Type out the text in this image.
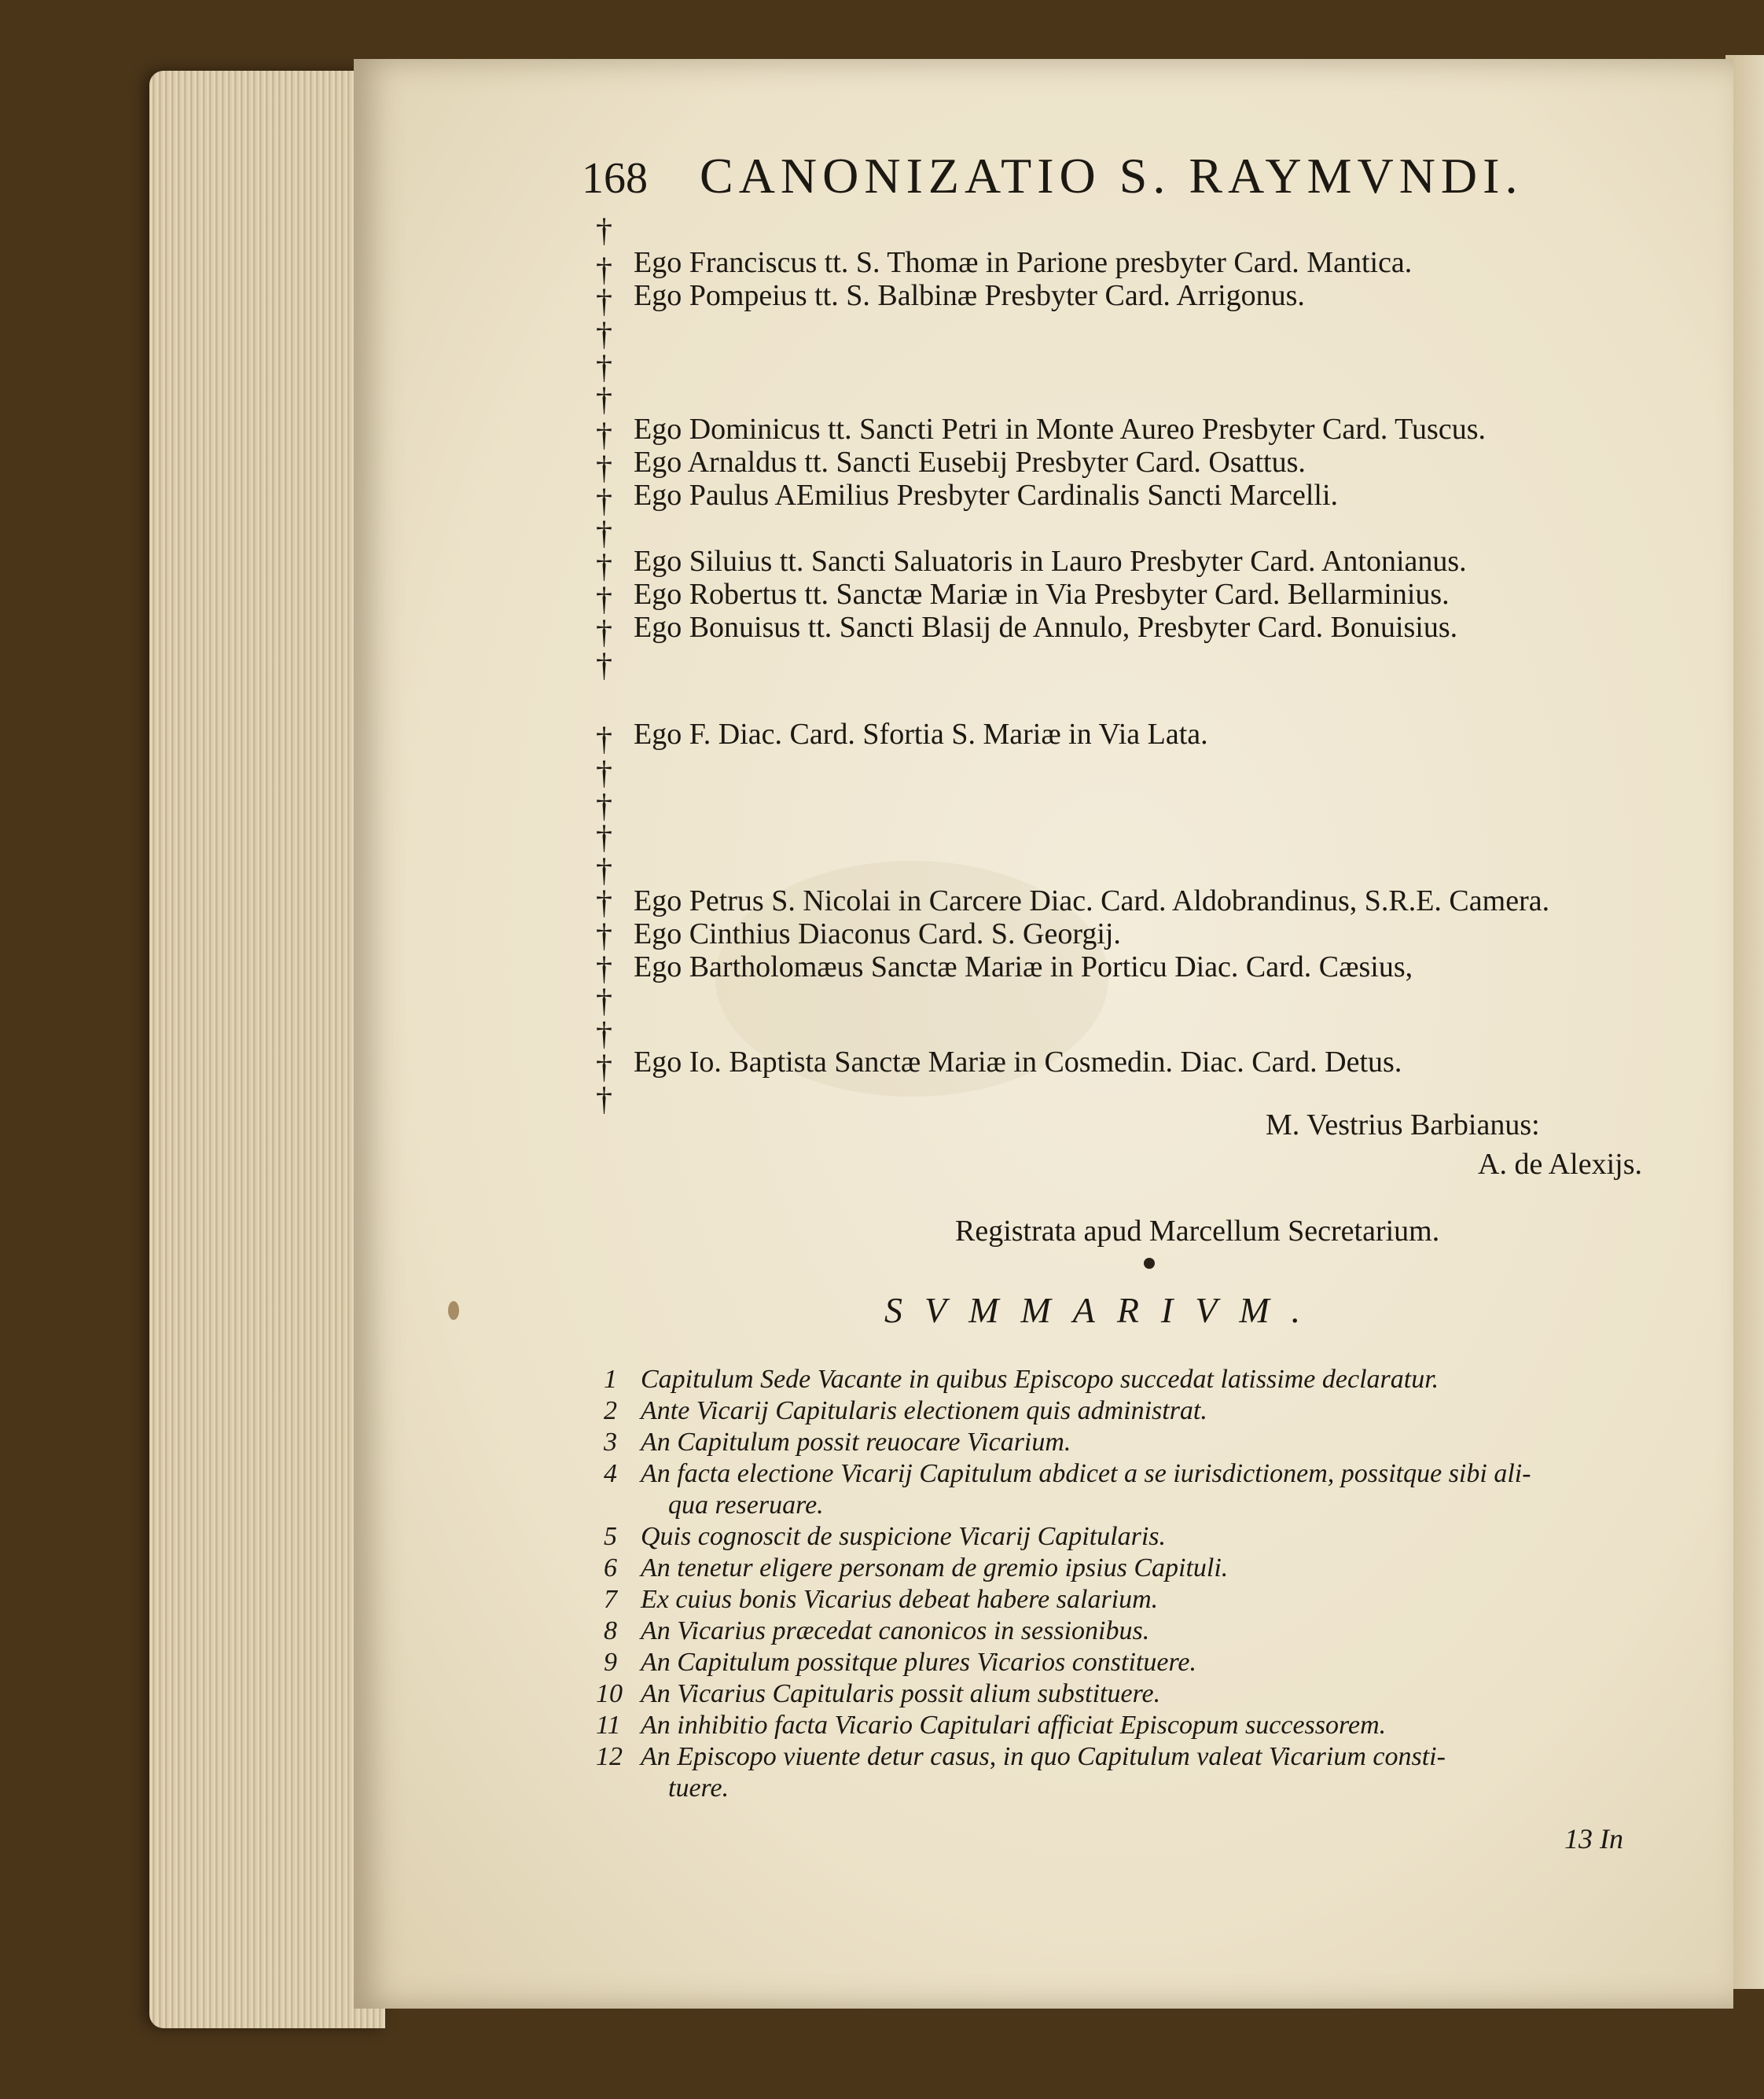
168 CANONIZATIO S. RAYMVNDI.
†
†
†
†
†
†
†
†
†
†
†
†
†
†
†
†
†
†
†
†
†
†
†
†
†
†
Ego Franciscus tt. S. Thomæ in Parione presbyter Card. Mantica.
Ego Pompeius tt. S. Balbinæ Presbyter Card. Arrigonus.
Ego Dominicus tt. Sancti Petri in Monte Aureo Presbyter Card. Tuscus.
Ego Arnaldus tt. Sancti Eusebij Presbyter Card. Osattus.
Ego Paulus AEmilius Presbyter Cardinalis Sancti Marcelli.
Ego Siluius tt. Sancti Saluatoris in Lauro Presbyter Card. Antonianus.
Ego Robertus tt. Sanctæ Mariæ in Via Presbyter Card. Bellarminius.
Ego Bonuisus tt. Sancti Blasij de Annulo, Presbyter Card. Bonuisius.
Ego F. Diac. Card. Sfortia S. Mariæ in Via Lata.
Ego Petrus S. Nicolai in Carcere Diac. Card. Aldobrandinus, S.R.E. Camera.
Ego Cinthius Diaconus Card. S. Georgij.
Ego Bartholomæus Sanctæ Mariæ in Porticu Diac. Card. Cæsius,
Ego Io. Baptista Sanctæ Mariæ in Cosmedin. Diac. Card. Detus.
M. Vestrius Barbianus:
A. de Alexijs.
Registrata apud Marcellum Secretarium.
SVMMARIVM.
1 Capitulum Sede Vacante in quibus Episcopo succedat latissime declaratur.
2 Ante Vicarij Capitularis electionem quis administrat.
3 An Capitulum possit reuocare Vicarium.
4 An facta electione Vicarij Capitulum abdicet a se iurisdictionem, possitque sibi ali-
qua reseruare.
5 Quis cognoscit de suspicione Vicarij Capitularis.
6 An tenetur eligere personam de gremio ipsius Capituli.
7 Ex cuius bonis Vicarius debeat habere salarium.
8 An Vicarius præcedat canonicos in sessionibus.
9 An Capitulum possitque plures Vicarios constituere.
10 An Vicarius Capitularis possit alium substituere.
11 An inhibitio facta Vicario Capitulari afficiat Episcopum successorem.
12 An Episcopo viuente detur casus, in quo Capitulum valeat Vicarium consti-
tuere.
13 In
